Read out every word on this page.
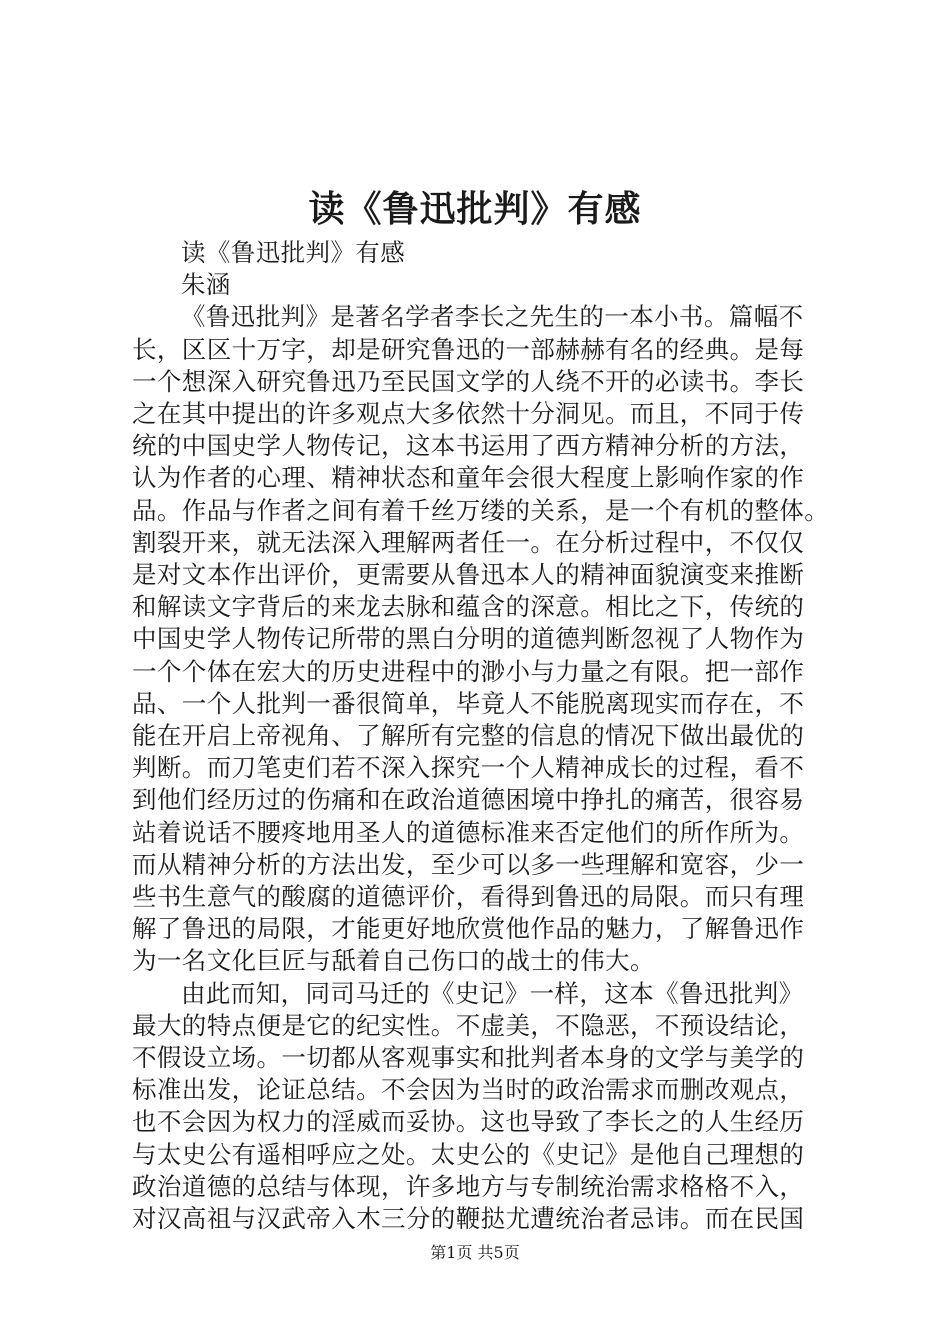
读《鲁迅批判》有感
读《鲁迅批判》有感
朱涵
《鲁迅批判》是著名学者李长之先生的一本小书。篇幅不
长，区区十万字，却是研究鲁迅的一部赫赫有名的经典。是每
一个想深入研究鲁迅乃至民国文学的人绕不开的必读书。李长
之在其中提出的许多观点大多依然十分洞见。而且，不同于传
统的中国史学人物传记，这本书运用了西方精神分析的方法，
认为作者的心理、精神状态和童年会很大程度上影响作家的作
品。作品与作者之间有着千丝万缕的关系，是一个有机的整体。
割裂开来，就无法深入理解两者任一。在分析过程中，不仅仅
是对文本作出评价，更需要从鲁迅本人的精神面貌演变来推断
和解读文字背后的来龙去脉和蕴含的深意。相比之下，传统的
中国史学人物传记所带的黑白分明的道德判断忽视了人物作为
一个个体在宏大的历史进程中的渺小与力量之有限。把一部作
品、一个人批判一番很简单，毕竟人不能脱离现实而存在，不
能在开启上帝视角、了解所有完整的信息的情况下做出最优的
判断。而刀笔吏们若不深入探究一个人精神成长的过程，看不
到他们经历过的伤痛和在政治道德困境中挣扎的痛苦，很容易
站着说话不腰疼地用圣人的道德标准来否定他们的所作所为。
而从精神分析的方法出发，至少可以多一些理解和宽容，少一
些书生意气的酸腐的道德评价，看得到鲁迅的局限。而只有理
解了鲁迅的局限，才能更好地欣赏他作品的魅力，了解鲁迅作
为一名文化巨匠与舐着自己伤口的战士的伟大。
由此而知，同司马迁的《史记》一样，这本《鲁迅批判》
最大的特点便是它的纪实性。不虚美，不隐恶，不预设结论，
不假设立场。一切都从客观事实和批判者本身的文学与美学的
标准出发，论证总结。不会因为当时的政治需求而删改观点，
也不会因为权力的淫威而妥协。这也导致了李长之的人生经历
与太史公有遥相呼应之处。太史公的《史记》是他自己理想的
政治道德的总结与体现，许多地方与专制统治需求格格不入，
对汉高祖与汉武帝入木三分的鞭挞尤遭统治者忌讳。而在民国
第1页 共5页
